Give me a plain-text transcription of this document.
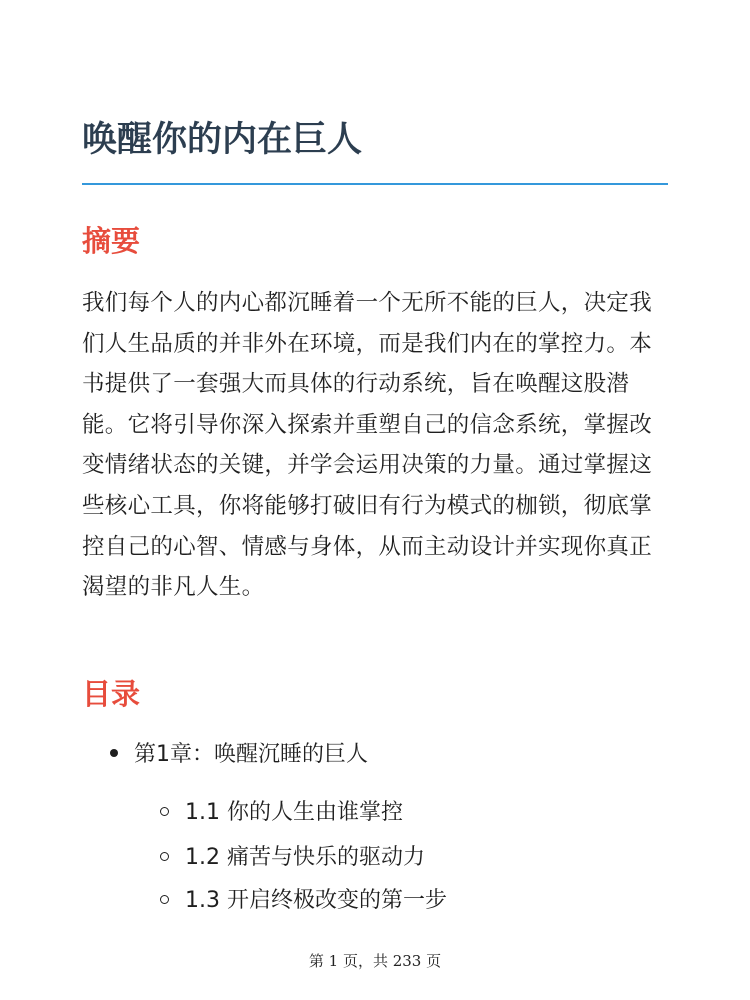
唤醒你的内在巨人
摘要

我们每个人的内心都沉睡着一个无所不能的巨人，决定我们人生品质的并非外在环境，而是我们内在的掌控力。本书提供了一套强大而具体的行动系统，旨在唤醒这股潜能。它将引导你深入探索并重塑自己的信念系统，掌握改变情绪状态的关键，并学会运用决策的力量。通过掌握这些核心工具，你将能够打破旧有行为模式的枷锁，彻底掌控自己的心智、情感与身体，从而主动设计并实现你真正渴望的非凡人生。

目录
第1章：唤醒沉睡的巨人
1.1 你的人生由谁掌控
1.2 痛苦与快乐的驱动力
1.3 开启终极改变的第一步
第 1 页，共 233 页
